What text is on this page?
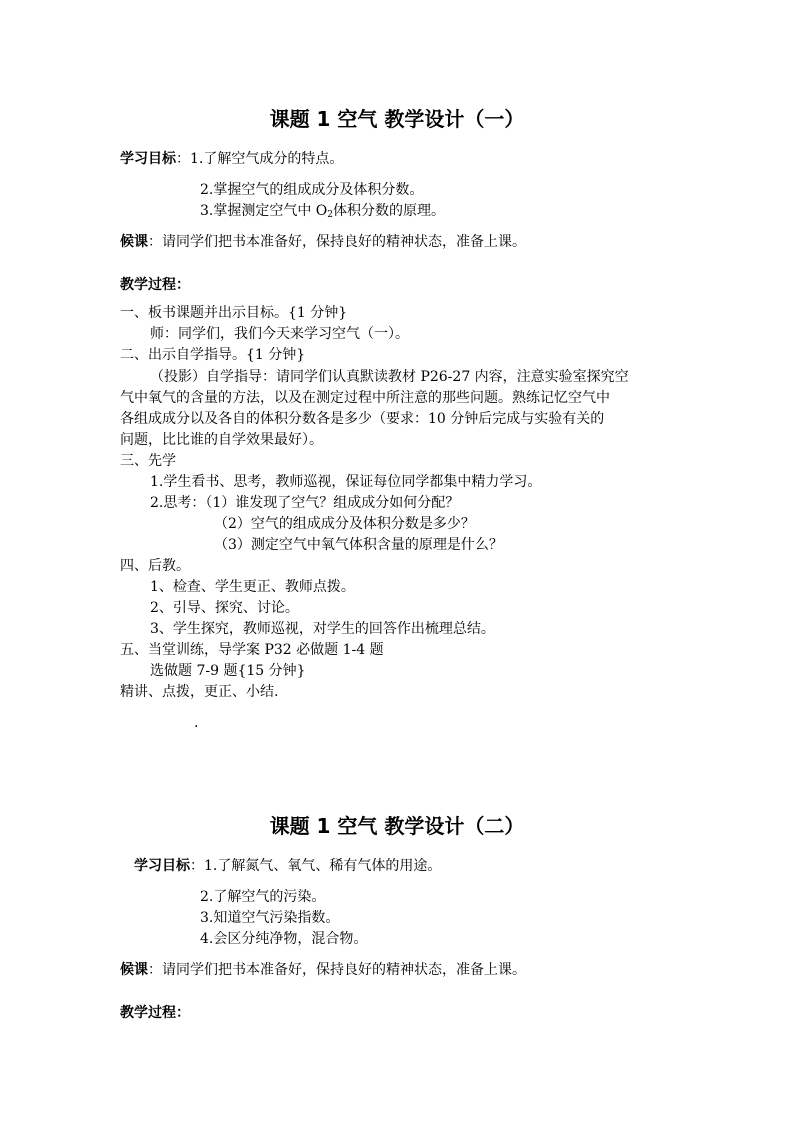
课题 1 空气 教学设计（一）
学习目标：1.了解空气成分的特点。
2.掌握空气的组成成分及体积分数。
3.掌握测定空气中 $O_2$体积分数的原理。
候课：请同学们把书本准备好，保持良好的精神状态，准备上课。
教学过程：
一、板书课题并出示目标。{1 分钟}
师：同学们，我们今天来学习空气（一）。
二、出示自学指导。{1 分钟}
（投影）自学指导：请同学们认真默读教材 P26-27 内容，注意实验室探究空
气中氧气的含量的方法，以及在测定过程中所注意的那些问题。熟练记忆空气中
各组成成分以及各自的体积分数各是多少（要求：10 分钟后完成与实验有关的
问题，比比谁的自学效果最好）。
三、先学
1.学生看书、思考，教师巡视，保证每位同学都集中精力学习。
2.思考：（1）谁发现了空气？组成成分如何分配？
（2）空气的组成成分及体积分数是多少？
（3）测定空气中氧气体积含量的原理是什么？
四、后教。
1、检查、学生更正、教师点拨。
2、引导、探究、讨论。
3、学生探究，教师巡视，对学生的回答作出梳理总结。
五、当堂训练，导学案 P32 必做题 1-4 题
选做题 7-9 题{15 分钟}
精讲、点拨，更正、小结.
.
课题 1 空气 教学设计（二）
学习目标：1.了解氮气、氧气、稀有气体的用途。
2.了解空气的污染。
3.知道空气污染指数。
4.会区分纯净物，混合物。
候课：请同学们把书本准备好，保持良好的精神状态，准备上课。
教学过程：
